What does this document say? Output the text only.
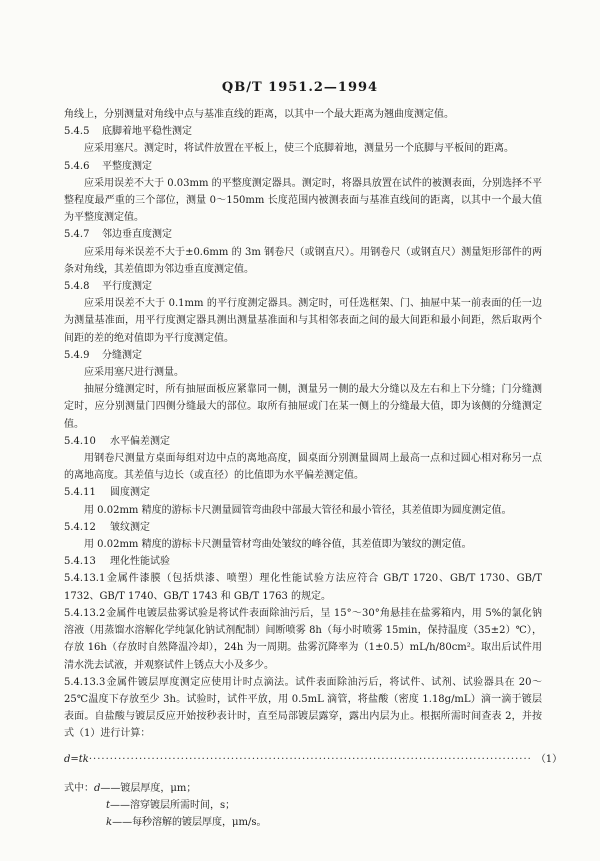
QB/T 1951.2—1994

角线上，分别测量对角线中点与基准直线的距离，以其中一个最大距离为翘曲度测定值。

5.4.5 底脚着地平稳性测定

应采用塞尺。测定时，将试件放置在平板上，使三个底脚着地，测量另一个底脚与平板间的距离。

5.4.6 平整度测定

应采用误差不大于 0.03mm 的平整度测定器具。测定时，将器具放置在试件的被测表面，分别选择不平整程度最严重的三个部位，测量 0～150mm 长度范围内被测表面与基准直线间的距离，以其中一个最大值为平整度测定值。

5.4.7 邻边垂直度测定

应采用每米误差不大于±0.6mm 的 3m 钢卷尺（或钢直尺）。用钢卷尺（或钢直尺）测量矩形部件的两条对角线，其差值即为邻边垂直度测定值。

5.4.8 平行度测定

应采用误差不大于 0.1mm 的平行度测定器具。测定时，可任选框架、门、抽屉中某一前表面的任一边为测量基准面，用平行度测定器具测出测量基准面和与其相邻表面之间的最大间距和最小间距，然后取两个间距的差的绝对值即为平行度测定值。

5.4.9 分缝测定

应采用塞尺进行测量。

抽屉分缝测定时，所有抽屉面板应紧靠同一侧，测量另一侧的最大分缝以及左右和上下分缝；门分缝测定时，应分别测量门四侧分缝最大的部位。取所有抽屉或门在某一侧上的分缝最大值，即为该侧的分缝测定值。

5.4.10 水平偏差测定

用钢卷尺测量方桌面每组对边中点的离地高度，圆桌面分别测量圆周上最高一点和过圆心相对称另一点的离地高度。其差值与边长（或直径）的比值即为水平偏差测定值。

5.4.11 圆度测定

用 0.02mm 精度的游标卡尺测量圆管弯曲段中部最大管径和最小管径，其差值即为圆度测定值。

5.4.12 皱纹测定

用 0.02mm 精度的游标卡尺测量管材弯曲处皱纹的峰谷值，其差值即为皱纹的测定值。

5.4.13 理化性能试验

5.4.13.1金属件漆膜（包括烘漆、喷塑）理化性能试验方法应符合 GB/T 1720、GB/T 1730、GB/T 1732、GB/T 1740、GB/T 1743 和 GB/T 1763 的规定。

5.4.13.2金属件电镀层盐雾试验是将试件表面除油污后，呈 15°～30°角悬挂在盐雾箱内，用 5%的氯化钠溶液（用蒸馏水溶解化学纯氯化钠试剂配制）间断喷雾 8h（每小时喷雾 15min，保持温度（35±2）℃），存放 16h（存放时自然降温冷却），24h 为一周期。盐雾沉降率为（1±0.5）mL/h/80cm²。取出后试件用清水洗去试液，并观察试件上锈点大小及多少。

5.4.13.3金属件镀层厚度测定应使用计时点滴法。试件表面除油污后，将试件、试剂、试验器具在 20～25℃温度下存放至少 3h。试验时，试件平放，用 0.5mL 滴管，将盐酸（密度 1.18g/mL）滴一滴于镀层表面。自盐酸与镀层反应开始按秒表计时，直至局部镀层露穿，露出内层为止。根据所需时间查表 2，并按式（1）进行计算：

d=tk ·········································································································· （1）
式中：d——镀层厚度，μm；
t——溶穿镀层所需时间，s；
k——每秒溶解的镀层厚度，μm/s。
